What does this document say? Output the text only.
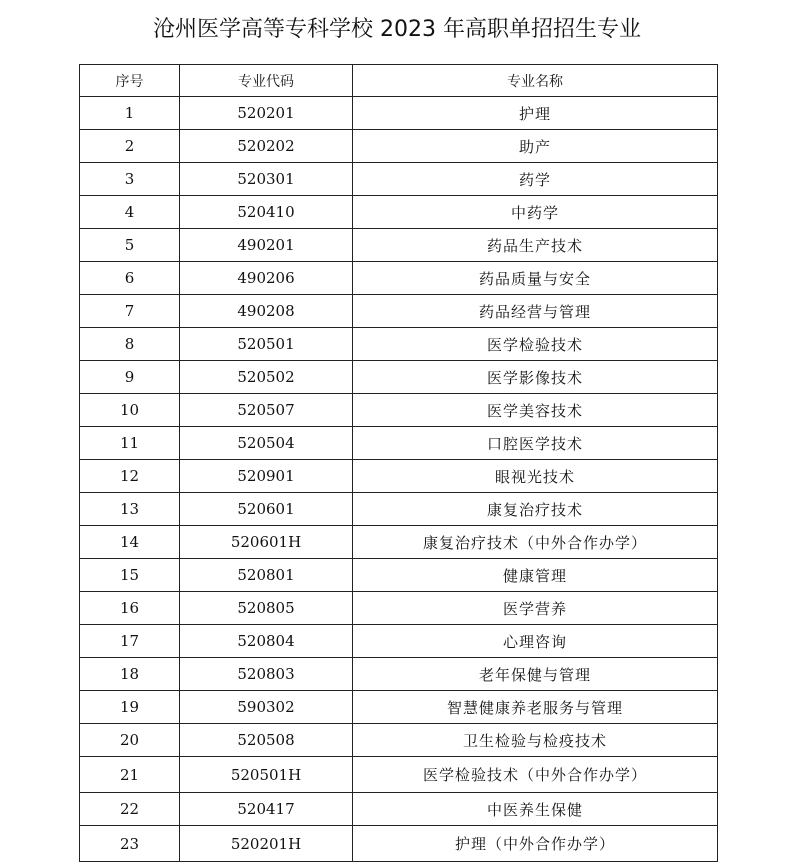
沧州医学高等专科学校 2023 年高职单招招生专业
序号	专业代码	专业名称
1	520201	护理
2	520202	助产
3	520301	药学
4	520410	中药学
5	490201	药品生产技术
6	490206	药品质量与安全
7	490208	药品经营与管理
8	520501	医学检验技术
9	520502	医学影像技术
10	520507	医学美容技术
11	520504	口腔医学技术
12	520901	眼视光技术
13	520601	康复治疗技术
14	520601H	康复治疗技术（中外合作办学）
15	520801	健康管理
16	520805	医学营养
17	520804	心理咨询
18	520803	老年保健与管理
19	590302	智慧健康养老服务与管理
20	520508	卫生检验与检疫技术
21	520501H	医学检验技术（中外合作办学）
22	520417	中医养生保健
23	520201H	护理（中外合作办学）
